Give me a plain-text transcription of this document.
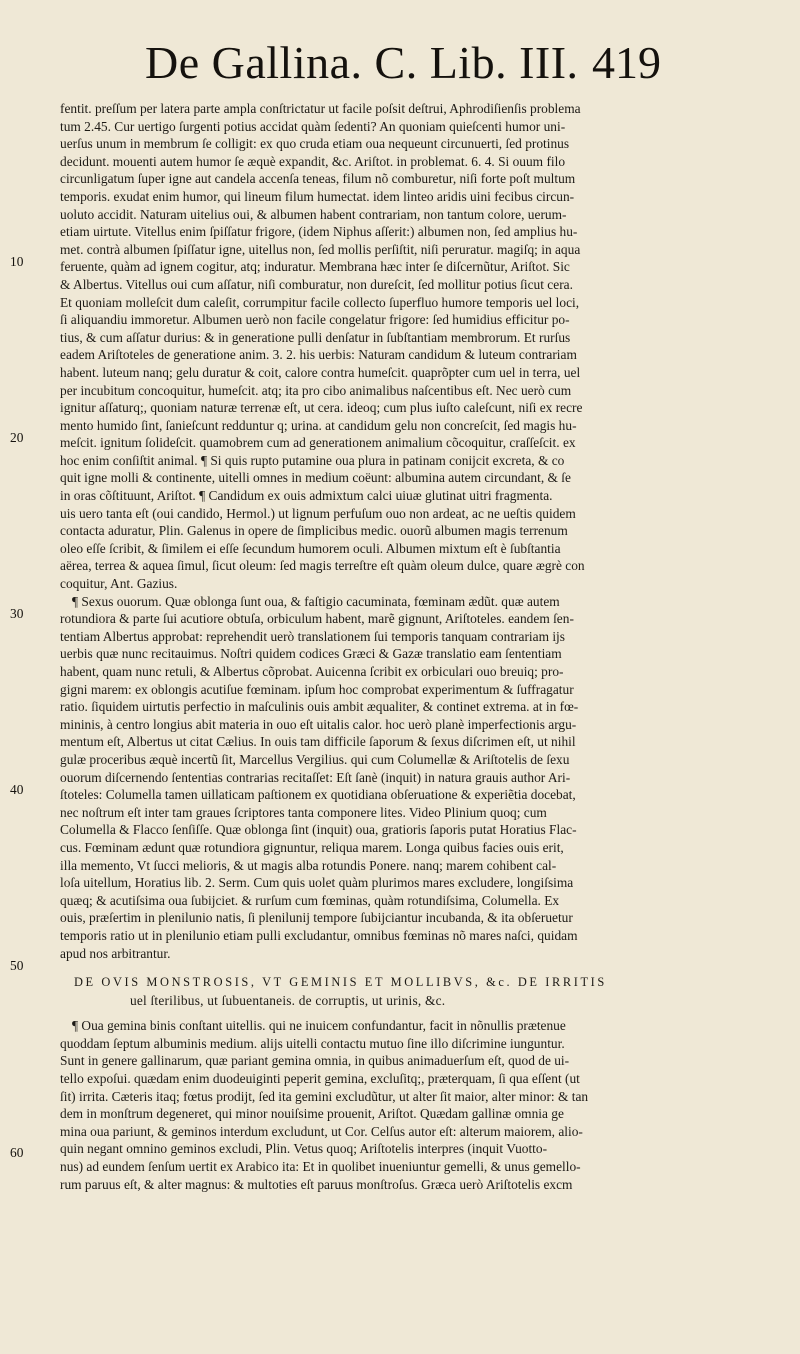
De Gallina. C. Lib. III. 419
10
20
30
40
50
60
fentit. preſſum per latera parte ampla conſtrictatur ut facile poſsit deſtrui, Aphrodiſienſis problema
tum 2.45. Cur uertigo ſurgenti potius accidat quàm ſedenti? An quoniam quieſcenti humor uni-
uerſus unum in membrum ſe colligit: ex quo cruda etiam oua nequeunt circunuerti, ſed protinus
decidunt. mouenti autem humor ſe æquè expandit, &c. Ariſtot. in problemat. 6. 4. Si ouum filo
circunligatum ſuper igne aut candela accenſa teneas, filum nõ comburetur, niſi forte poſt multum
temporis. exudat enim humor, qui lineum filum humectat. idem linteo aridis uini fecibus circun-
uoluto accidit. Naturam uitelius oui, & albumen habent contrariam, non tantum colore, uerum-
etiam uirtute. Vitellus enim ſpiſſatur frigore, (idem Niphus aſſerit:) albumen non, ſed amplius hu-
met. contrà albumen ſpiſſatur igne, uitellus non, ſed mollis perſiſtit, niſi peruratur. magiſq; in aqua
feruente, quàm ad ignem cogitur, atq; induratur. Membrana hæc inter ſe diſcernũtur, Ariſtot. Sic
& Albertus. Vitellus oui cum aſſatur, niſi comburatur, non dureſcit, ſed mollitur potius ſicut cera.
Et quoniam molleſcit dum caleſit, corrumpitur facile collecto ſuperfluo humore temporis uel loci,
ſi aliquandiu immoretur. Albumen uerò non facile congelatur frigore: ſed humidius efficitur po-
tius, & cum aſſatur durius: & in generatione pulli denſatur in ſubſtantiam membrorum. Et rurſus
eadem Ariſtoteles de generatione anim. 3. 2. his uerbis: Naturam candidum & luteum contrariam
habent. luteum nanq; gelu duratur & coit, calore contra humeſcit. quaprõpter cum uel in terra, uel
per incubitum concoquitur, humeſcit. atq; ita pro cibo animalibus naſcentibus eſt. Nec uerò cum
ignitur aſſaturq;, quoniam naturæ terrenæ eſt, ut cera. ideoq; cum plus iuſto caleſcunt, niſi ex recre
mento humido ſint, ſanieſcunt redduntur q; urina. at candidum gelu non concreſcit, ſed magis hu-
meſcit. ignitum ſolideſcit. quamobrem cum ad generationem animalium cõcoquitur, craſſeſcit. ex
hoc enim conſiſtit animal. ¶ Si quis rupto putamine oua plura in patinam conijcit excreta, & co
quit igne molli & continente, uitelli omnes in medium coëunt: albumina autem circundant, & ſe
in oras cõſtituunt, Ariſtot. ¶ Candidum ex ouis admixtum calci uiuæ glutinat uitri fragmenta.
uis uero tanta eſt (oui candido, Hermol.) ut lignum perfuſum ouo non ardeat, ac ne ueſtis quidem
contacta aduratur, Plin. Galenus in opere de ſimplicibus medic. ouorũ albumen magis terrenum
oleo eſſe ſcribit, & ſimilem ei eſſe ſecundum humorem oculi. Albumen mixtum eſt è ſubſtantia
aërea, terrea & aquea ſimul, ſicut oleum: ſed magis terreſtre eſt quàm oleum dulce, quare ægrè con
coquitur, Ant. Gazius.
¶ Sexus ouorum. Quæ oblonga ſunt oua, & faſtigio cacuminata, fœminam ædũt. quæ autem
rotundiora & parte ſui acutiore obtuſa, orbiculum habent, marẽ gignunt, Ariſtoteles. eandem ſen-
tentiam Albertus approbat: reprehendit uerò translationem ſui temporis tanquam contrariam ijs
uerbis quæ nunc recitauimus. Noſtri quidem codices Græci & Gazæ translatio eam ſententiam
habent, quam nunc retuli, & Albertus cõprobat. Auicenna ſcribit ex orbiculari ouo breuiq; pro-
gigni marem: ex oblongis acutiſue fœminam. ipſum hoc comprobat experimentum & ſuffragatur
ratio. ſiquidem uirtutis perfectio in maſculinis ouis ambit æqualiter, & continet extrema. at in fœ-
mininis, à centro longius abit materia in ouo eſt uitalis calor. hoc uerò planè imperfectionis argu-
mentum eſt, Albertus ut citat Cælius. In ouis tam difficile ſaporum & ſexus diſcrimen eſt, ut nihil
gulæ proceribus æquè incertũ ſit, Marcellus Vergilius. qui cum Columellæ & Ariſtotelis de ſexu
ouorum diſcernendo ſententias contrarias recitaſſet: Eſt ſanè (inquit) in natura grauis author Ari-
ſtoteles: Columella tamen uillaticam paſtionem ex quotidiana obſeruatione & experiẽtia docebat,
nec noſtrum eſt inter tam graues ſcriptores tanta componere lites. Video Plinium quoq; cum
Columella & Flacco ſenſiſſe. Quæ oblonga ſint (inquit) oua, gratioris ſaporis putat Horatius Flac-
cus. Fœminam ædunt quæ rotundiora gignuntur, reliqua marem. Longa quibus facies ouis erit,
illa memento, Vt ſucci melioris, & ut magis alba rotundis Ponere. nanq; marem cohibent cal-
loſa uitellum, Horatius lib. 2. Serm. Cum quis uolet quàm plurimos mares excludere, longiſsima
quæq; & acutiſsima oua ſubijciet. & rurſum cum fœminas, quàm rotundiſsima, Columella. Ex
ouis, præſertim in plenilunio natis, ſi plenilunij tempore ſubijciantur incubanda, & ita obſeruetur
temporis ratio ut in plenilunio etiam pulli excludantur, omnibus fœminas nõ mares naſci, quidam
apud nos arbitrantur.
DE OVIS MONSTROSIS, VT GEMINIS ET MOLLIBVS, &c. DE IRRITIS
uel ſterilibus, ut ſubuentaneis. de corruptis, ut urinis, &c.
¶ Oua gemina binis conſtant uitellis. qui ne inuicem confundantur, facit in nõnullis prætenue
quoddam ſeptum albuminis medium. alijs uitelli contactu mutuo ſine illo diſcrimine iunguntur.
Sunt in genere gallinarum, quæ pariant gemina omnia, in quibus animaduerſum eſt, quod de ui-
tello expoſui. quædam enim duodeuiginti peperit gemina, excluſitq;, præterquam, ſi qua eſſent (ut
ſit) irrita. Cæteris itaq; fœtus prodijt, ſed ita gemini excludũtur, ut alter ſit maior, alter minor: & tan
dem in monſtrum degeneret, qui minor nouiſsime prouenit, Ariſtot. Quædam gallinæ omnia ge
mina oua pariunt, & geminos interdum excludunt, ut Cor. Celſus autor eſt: alterum maiorem, alio-
quin negant omnino geminos excludi, Plin. Vetus quoq; Ariſtotelis interpres (inquit Vuotto-
nus) ad eundem ſenſum uertit ex Arabico ita: Et in quolibet inueniuntur gemelli, & unus gemello-
rum paruus eſt, & alter magnus: & multoties eſt paruus monſtroſus. Græca uerò Ariſtotelis excm
